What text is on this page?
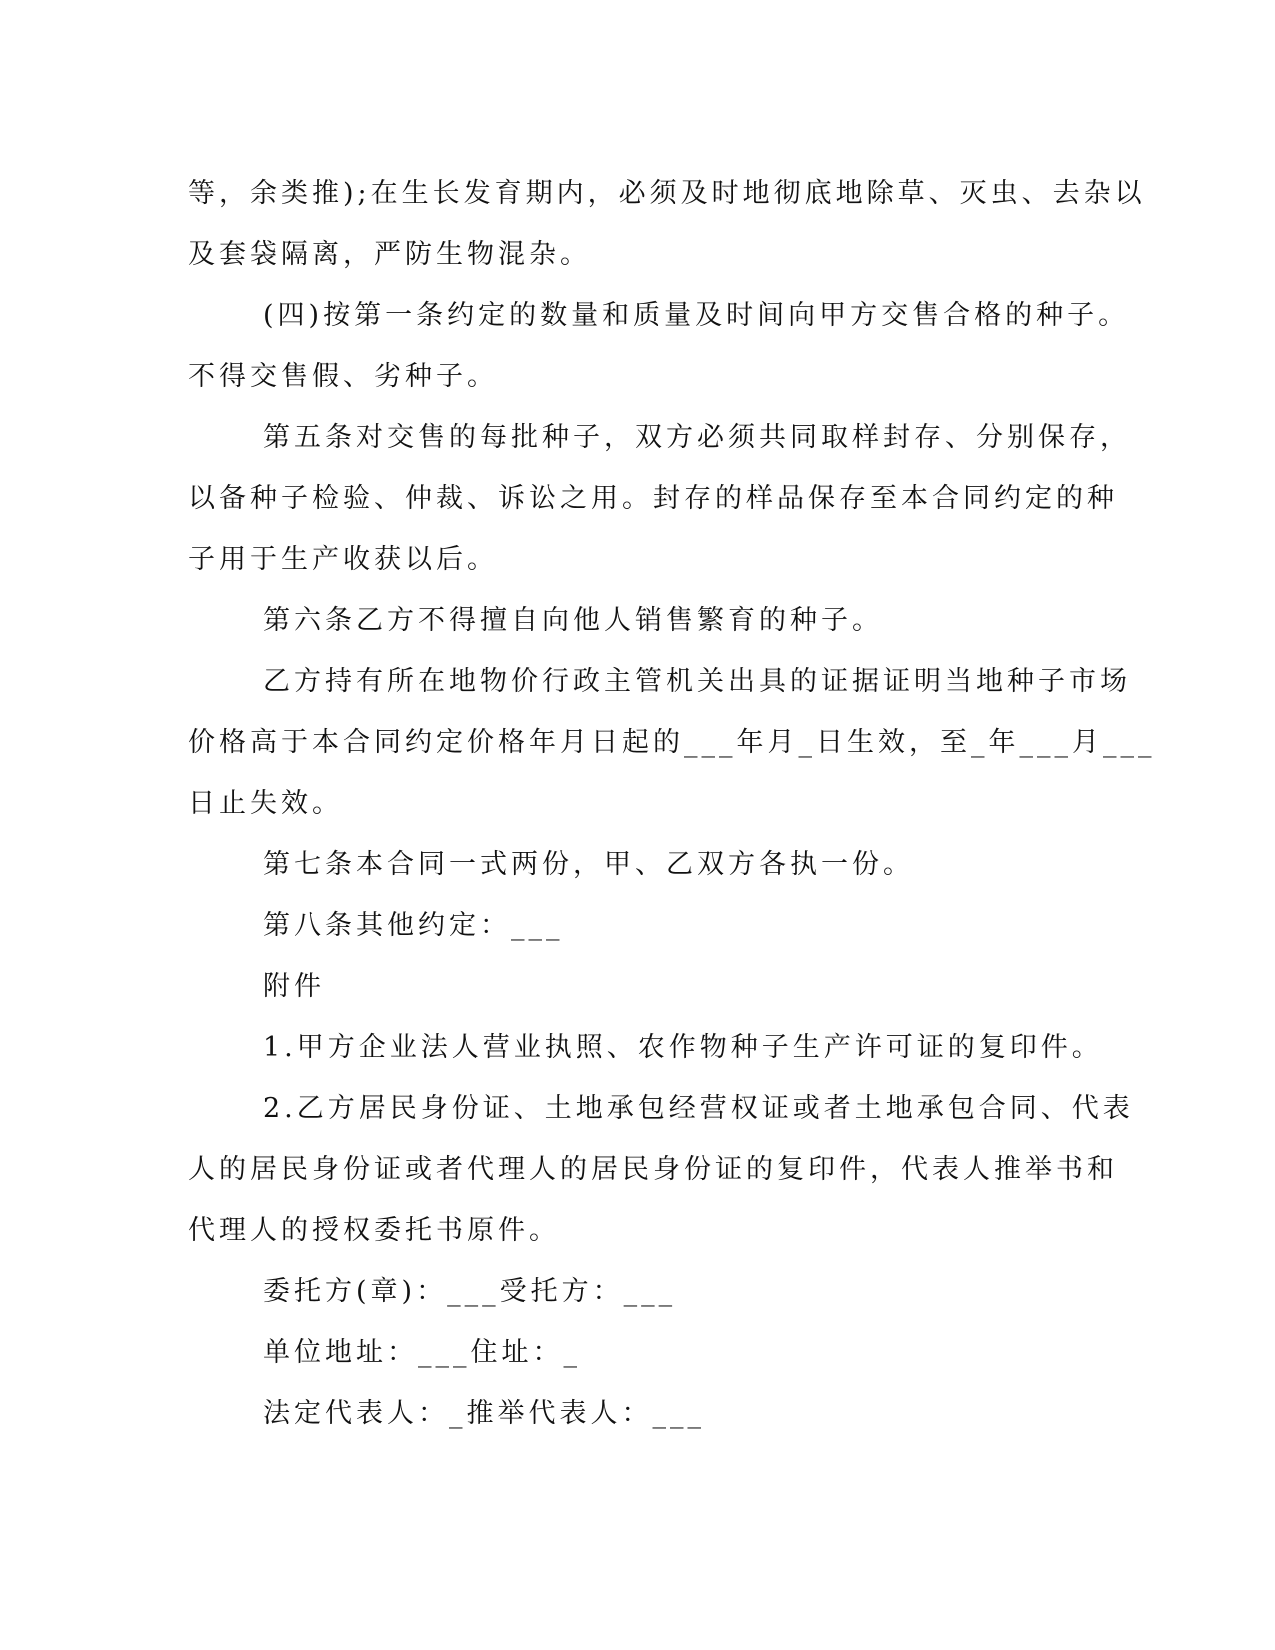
等，余类推);在生长发育期内，必须及时地彻底地除草、灭虫、去杂以

及套袋隔离，严防生物混杂。

(四)按第一条约定的数量和质量及时间向甲方交售合格的种子。

不得交售假、劣种子。

第五条对交售的每批种子，双方必须共同取样封存、分别保存，

以备种子检验、仲裁、诉讼之用。封存的样品保存至本合同约定的种

子用于生产收获以后。

第六条乙方不得擅自向他人销售繁育的种子。

乙方持有所在地物价行政主管机关出具的证据证明当地种子市场

价格高于本合同约定价格年月日起的___年月_日生效，至_年___月___

日止失效。

第七条本合同一式两份，甲、乙双方各执一份。

第八条其他约定：___

附件

1.甲方企业法人营业执照、农作物种子生产许可证的复印件。

2.乙方居民身份证、土地承包经营权证或者土地承包合同、代表

人的居民身份证或者代理人的居民身份证的复印件，代表人推举书和

代理人的授权委托书原件。

委托方(章)：___受托方：___

单位地址：___住址：_

法定代表人：_推举代表人：___
